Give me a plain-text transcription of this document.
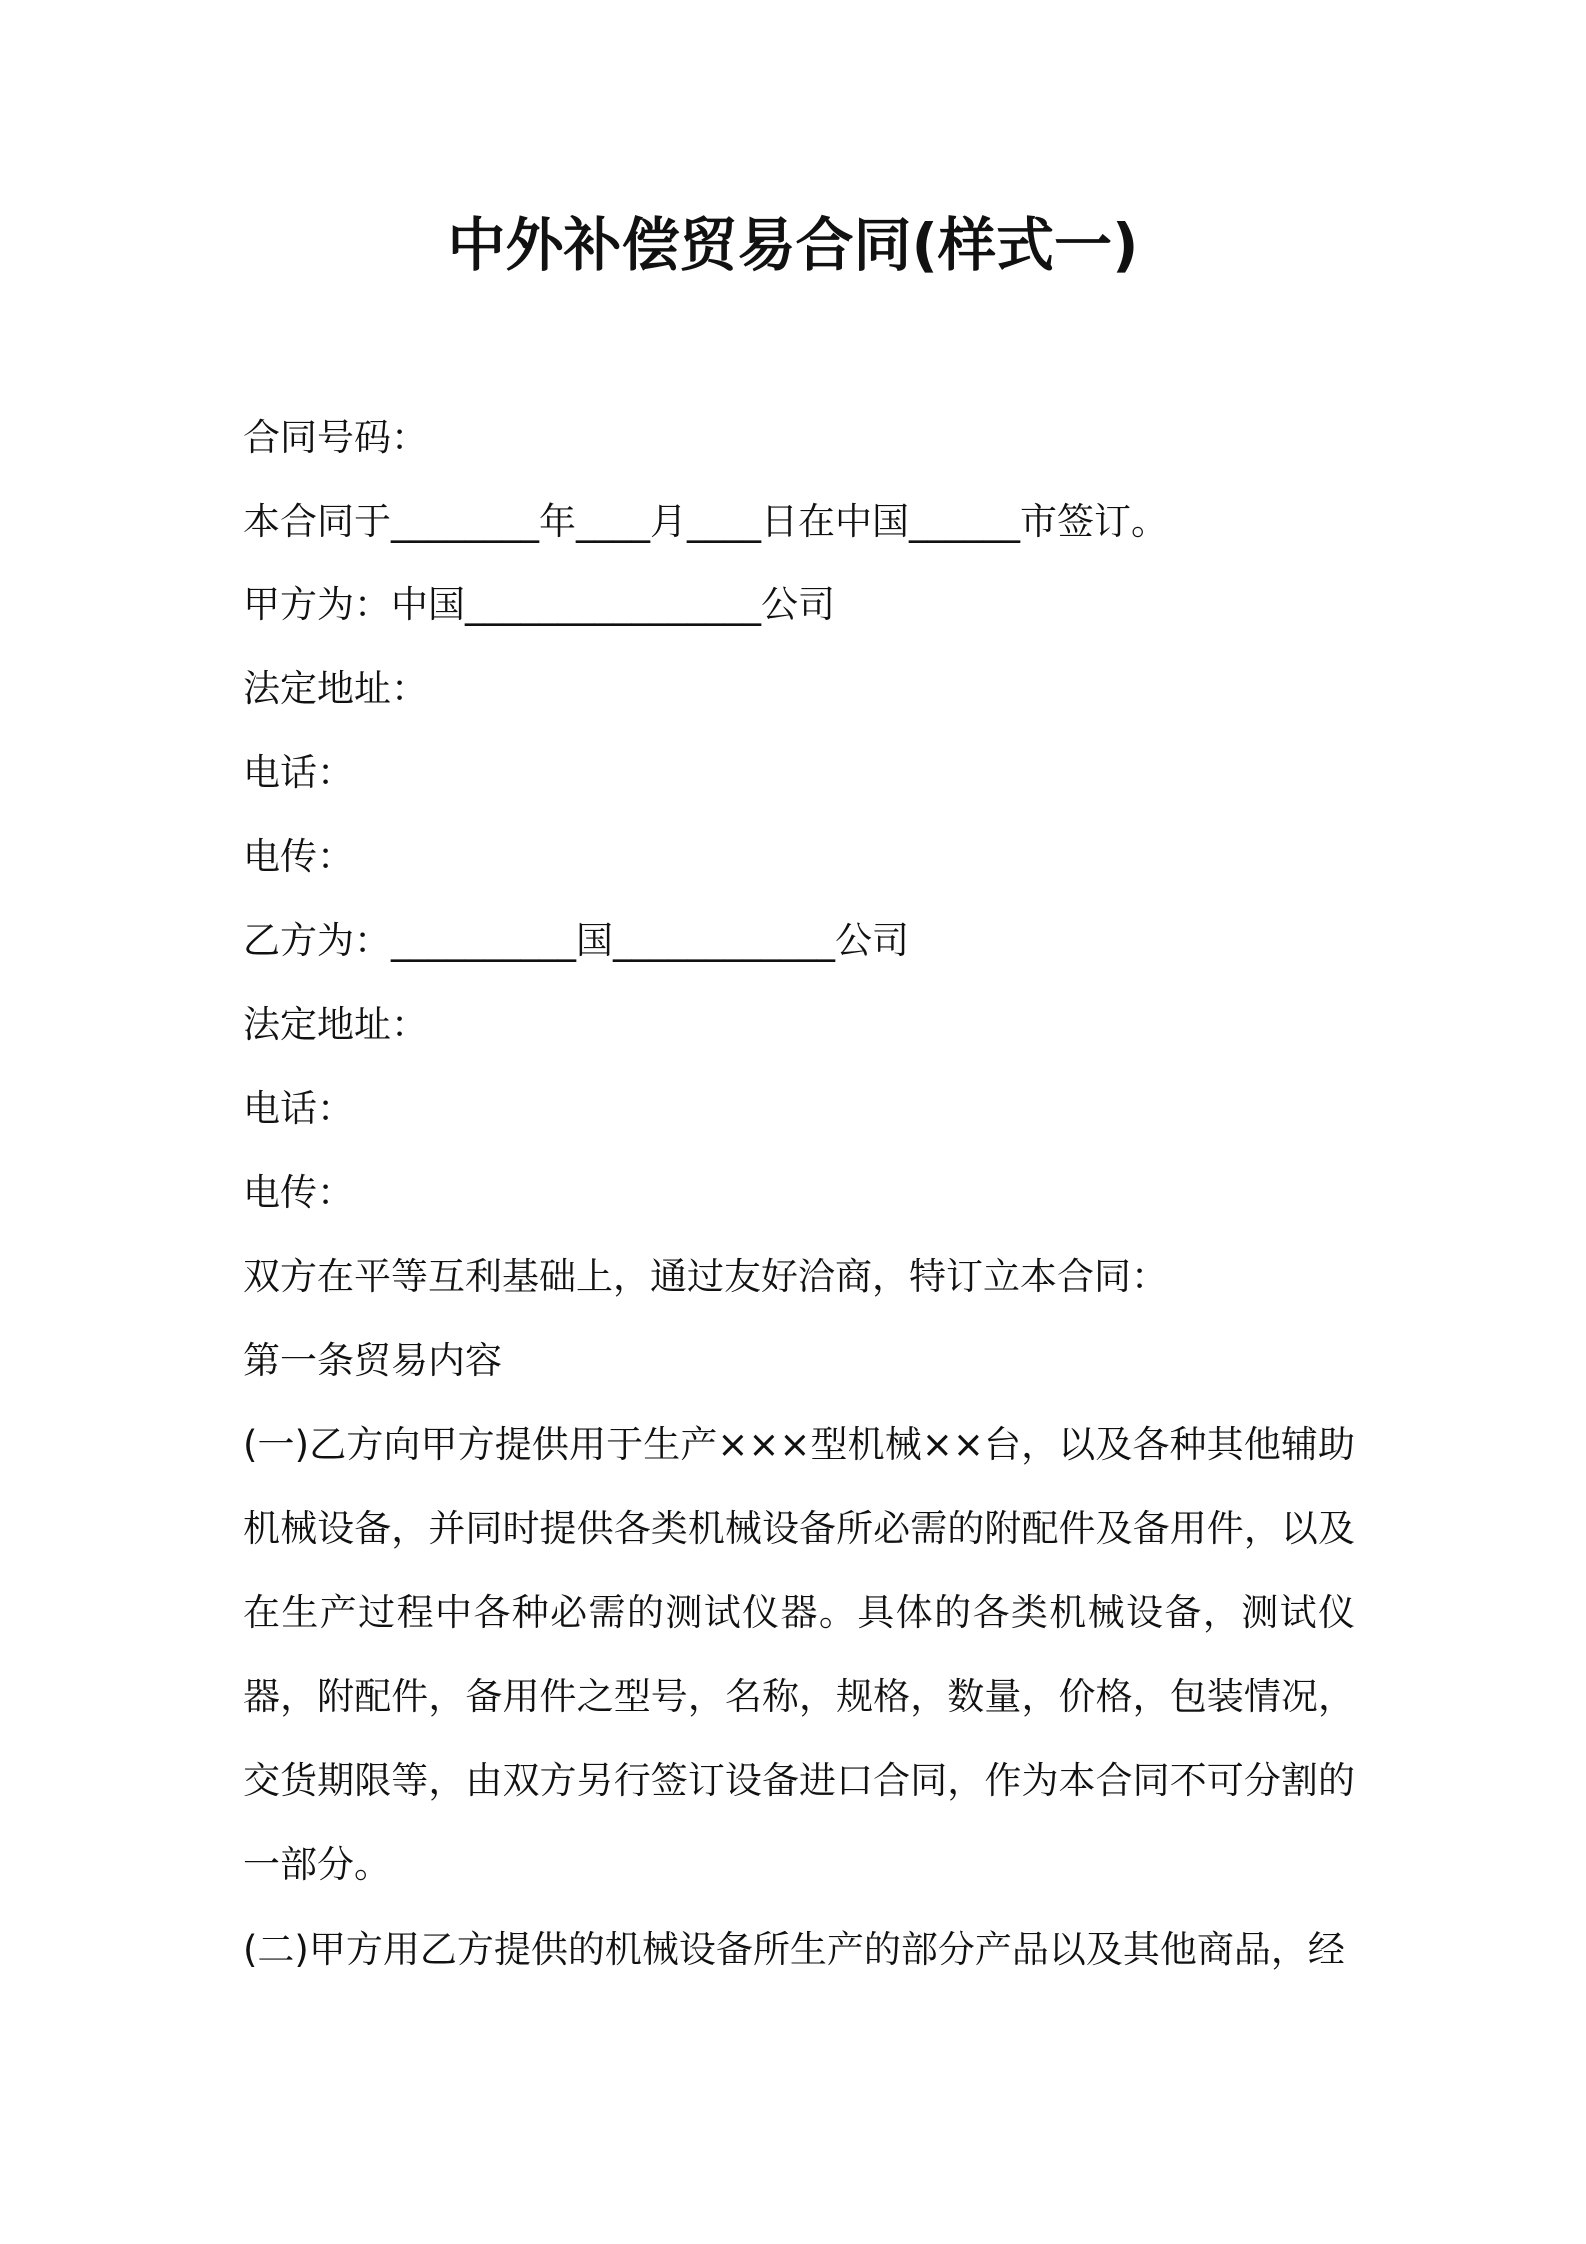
中外补偿贸易合同(样式一)
合同号码：
本合同于________年____月____日在中国______市签订。
甲方为：中国________________公司
法定地址：
电话：
电传：
乙方为：__________国____________公司
法定地址：
电话：
电传：
双方在平等互利基础上，通过友好洽商，特订立本合同：
第一条贸易内容
(一)乙方向甲方提供用于生产×××型机械××台，以及各种其他辅助机械设备，并同时提供各类机械设备所必需的附配件及备用件，以及在生产过程中各种必需的测试仪器。具体的各类机械设备，测试仪器，附配件，备用件之型号，名称，规格，数量，价格，包装情况，交货期限等，由双方另行签订设备进口合同，作为本合同不可分割的一部分。
(二)甲方用乙方提供的机械设备所生产的部分产品以及其他商品，经
